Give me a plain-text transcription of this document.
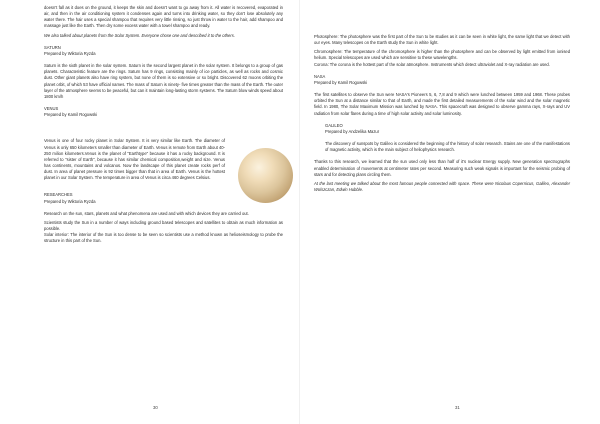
doesn't fall as it does on the ground, it keeps the skin and doesn't want to go away from it. All water is recovered, evaporated in air, and then in the air conditioning system it condenses again and turns into drinking water, so they don't lose absolutely any water there. The hair uses a special shampoo that requires very little rinsing, so just throw in water to the hair, add shampoo and massage just like the Earth. Then dry some excess water with a towel shampoo and ready.

We also talked about planets from the Solar System. Everyone chose one and described it to the others.

SATURN

Prepared by Wiktoria Ryzda

Saturn is the sixth planet in the solar system. Saturn is the second largest planet in the solar system. It belongs to a group of gas planets. Characteristic feature are the rings. Saturn has 9 rings, consisting mainly of ice particles, as well as rocks and cosmic dust. Other giant planets also have ring system, but none of them is so extensive or so bright. Discovered 62 moons orbiting the planet orbit, of which 53 have official names. The mass of Saturn is ninety- five times greater than the mass of the Earth. The outer layer of the atmosphere seems to be peaceful, but can it maintain long-lasting storm systems. The Saturn blow winds speed about 1800 km/h

VENUS

Prepared by Kamil Rogowski

Venus is one of four rocky planet in Solar System. It is very similar like Earth. The diameter of Venus is only 650 kilometers smaller than diameter of Earth. Venus is remote from Earth about 40-250 milion kilometers.Venus is the planet of "Earthtype" because it has a rocky background. It is referred to "sister of Earth", because it has similar chemical composition,weight and size. Venus has continents, mountains and volcanos. Now the landscape of this planet create rocks perf of dust. In area of planet pressure is 92 times bigger than that in area of Earth. Venus is the hottest planet in our Solar System. The temperature in area of Venus is circa 460 degrees Celsius.

RESEARCHES

Prepared by Wiktoria Ryzda

Research on the sun, stars, planets and what phenomena are used and with which devices they are carried out.

Scientists study the Sun in a number of ways including ground based telescopes and satellites to obtain as much information as possible.

Solar interior: The interior of the Sun is too dense to be seen so scientists use a method known as helioseismology to probe the structure in this part of the Sun.

Photosphere: The photosphere was the first part of the Sun to be studies as it can be seen in white light, the same light that we detect with our eyes. Many telescopes on the Earth study the Sun in white light.

Chromosphere: The temperature of the chromosphere is higher than the photosphere and can be observed by light emitted from ionised helium. Special telescopes are used which are sensitive to these wavelengths.

Corona: The corona is the hottest part of the solar atmosphere. Instruments which detect ultraviolet and X-ray radiation are used.

NASA

Prepared by Kamil Rogowski

The first satellites to observe the Sun were NASA's Pioneers 5, 6, 7,8 and 9 which were lunched between 1959 and 1968. These probes orbited the Sun at a distance similar to that of Earth, and made the first detailed measurements of the solar wind and the solar magnetic field. In 1980, The Solar Maximum Mission was lunched by NASA. This spacecraft was designed to observe gamma rays, X-rays and UV radiation from solar flares during a time of high solar activity and solar luminosity.

GALILEO

Prepared by Andzelika Mazur

The discovery of sunspots by Galileo is considered the beginning of the history of solar research. Stains are one of the manifestations of magnetic activity, which is the main subject of heliophysics research.

Thanks to this research, we learned that the sun used only less than half of it's nuclear Energy supply. New generation spectrographs enabled determination of movements at centimeter rates per second. Measuring such weak signals is important for the seismic probing of stars and for detecting plans circling them.

At the last meeting we talked about the most famous people connected with space. These were Nicolaus Copernicus, Galileo, Alexander Wolszczan, Edwin Hubble.

30	31
